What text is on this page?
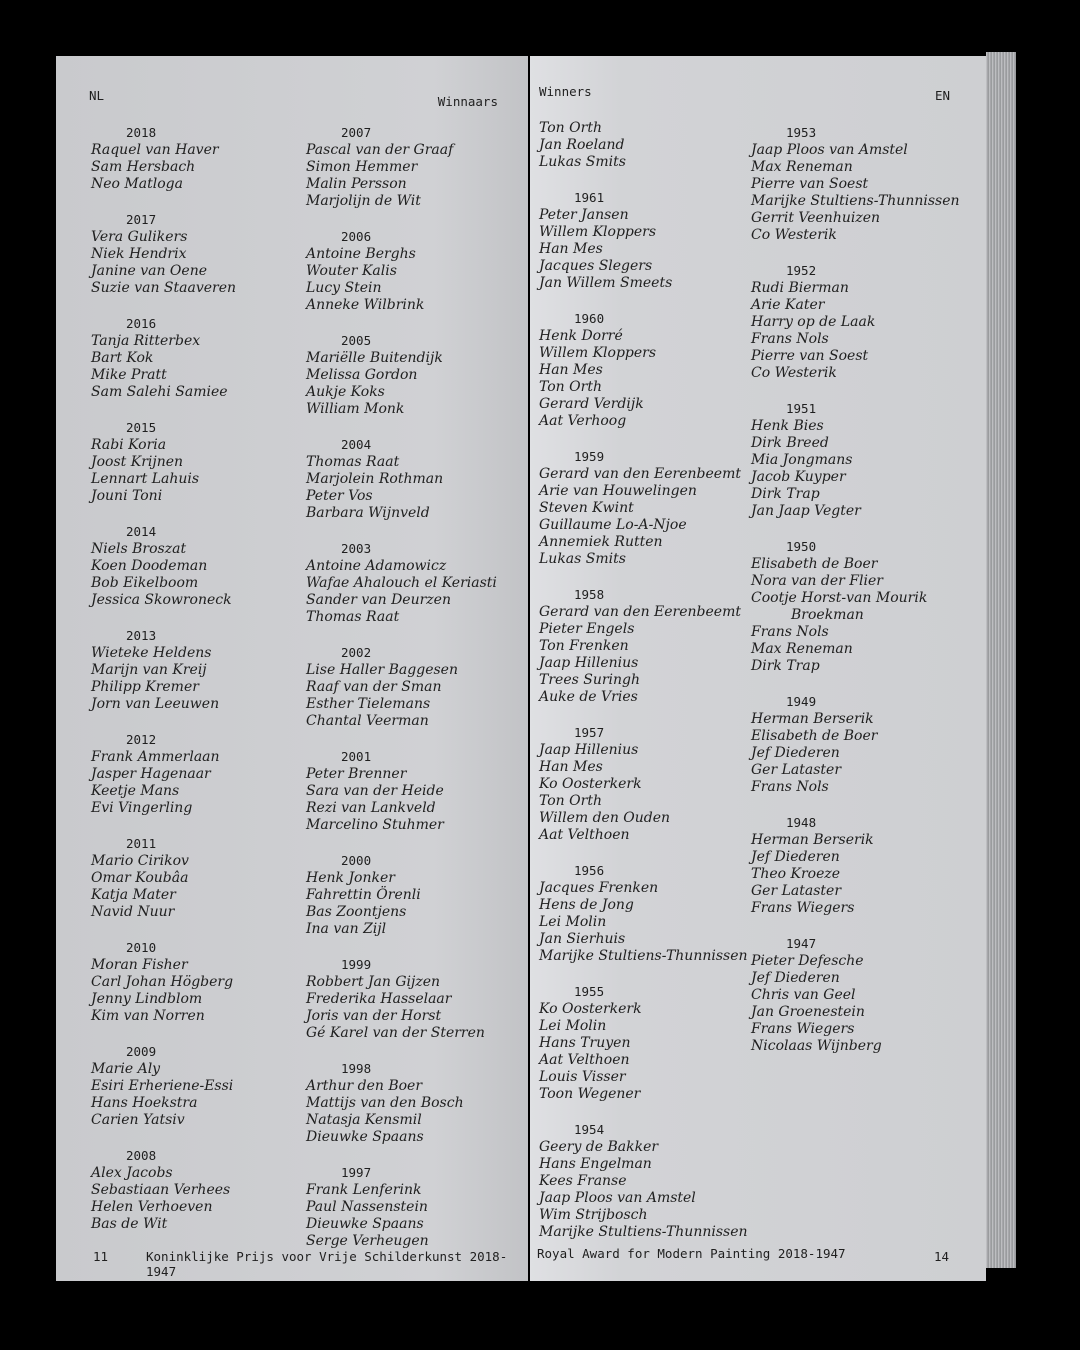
NL	Winnaars
2018
Raquel van Haver
Sam Hersbach
Neo Matloga
2017
Vera Gulikers
Niek Hendrix
Janine van Oene
Suzie van Staaveren
2016
Tanja Ritterbex
Bart Kok
Mike Pratt
Sam Salehi Samiee
2015
Rabi Koria
Joost Krijnen
Lennart Lahuis
Jouni Toni
2014
Niels Broszat
Koen Doodeman
Bob Eikelboom
Jessica Skowroneck
2013
Wieteke Heldens
Marijn van Kreij
Philipp Kremer
Jorn van Leeuwen
2012
Frank Ammerlaan
Jasper Hagenaar
Keetje Mans
Evi Vingerling
2011
Mario Cirikov
Omar Koubâa
Katja Mater
Navid Nuur
2010
Moran Fisher
Carl Johan Högberg
Jenny Lindblom
Kim van Norren
2009
Marie Aly
Esiri Erheriene-Essi
Hans Hoekstra
Carien Yatsiv
2008
Alex Jacobs
Sebastiaan Verhees
Helen Verhoeven
Bas de Wit
2007
Pascal van der Graaf
Simon Hemmer
Malin Persson
Marjolijn de Wit
2006
Antoine Berghs
Wouter Kalis
Lucy Stein
Anneke Wilbrink
2005
Mariëlle Buitendijk
Melissa Gordon
Aukje Koks
William Monk
2004
Thomas Raat
Marjolein Rothman
Peter Vos
Barbara Wijnveld
2003
Antoine Adamowicz
Wafae Ahalouch el Keriasti
Sander van Deurzen
Thomas Raat
2002
Lise Haller Baggesen
Raaf van der Sman
Esther Tielemans
Chantal Veerman
2001
Peter Brenner
Sara van der Heide
Rezi van Lankveld
Marcelino Stuhmer
2000
Henk Jonker
Fahrettin Örenli
Bas Zoontjens
Ina van Zijl
1999
Robbert Jan Gijzen
Frederika Hasselaar
Joris van der Horst
Gé Karel van der Sterren
1998
Arthur den Boer
Mattijs van den Bosch
Natasja Kensmil
Dieuwke Spaans
1997
Frank Lenferink
Paul Nassenstein
Dieuwke Spaans
Serge Verheugen
11	Koninklijke Prijs voor Vrije Schilderkunst 2018-1947
Winners	EN
Ton Orth
Jan Roeland
Lukas Smits
1961
Peter Jansen
Willem Kloppers
Han Mes
Jacques Slegers
Jan Willem Smeets
1960
Henk Dorré
Willem Kloppers
Han Mes
Ton Orth
Gerard Verdijk
Aat Verhoog
1959
Gerard van den Eerenbeemt
Arie van Houwelingen
Steven Kwint
Guillaume Lo-A-Njoe
Annemiek Rutten
Lukas Smits
1958
Gerard van den Eerenbeemt
Pieter Engels
Ton Frenken
Jaap Hillenius
Trees Suringh
Auke de Vries
1957
Jaap Hillenius
Han Mes
Ko Oosterkerk
Ton Orth
Willem den Ouden
Aat Velthoen
1956
Jacques Frenken
Hens de Jong
Lei Molin
Jan Sierhuis
Marijke Stultiens-Thunnissen
1955
Ko Oosterkerk
Lei Molin
Hans Truyen
Aat Velthoen
Louis Visser
Toon Wegener
1954
Geery de Bakker
Hans Engelman
Kees Franse
Jaap Ploos van Amstel
Wim Strijbosch
Marijke Stultiens-Thunnissen
1953
Jaap Ploos van Amstel
Max Reneman
Pierre van Soest
Marijke Stultiens-Thunnissen
Gerrit Veenhuizen
Co Westerik
1952
Rudi Bierman
Arie Kater
Harry op de Laak
Frans Nols
Pierre van Soest
Co Westerik
1951
Henk Bies
Dirk Breed
Mia Jongmans
Jacob Kuyper
Dirk Trap
Jan Jaap Vegter
1950
Elisabeth de Boer
Nora van der Flier
Cootje Horst-van Mourik
Broekman
Frans Nols
Max Reneman
Dirk Trap
1949
Herman Berserik
Elisabeth de Boer
Jef Diederen
Ger Lataster
Frans Nols
1948
Herman Berserik
Jef Diederen
Theo Kroeze
Ger Lataster
Frans Wiegers
1947
Pieter Defesche
Jef Diederen
Chris van Geel
Jan Groenestein
Frans Wiegers
Nicolaas Wijnberg
Royal Award for Modern Painting 2018-1947	14
